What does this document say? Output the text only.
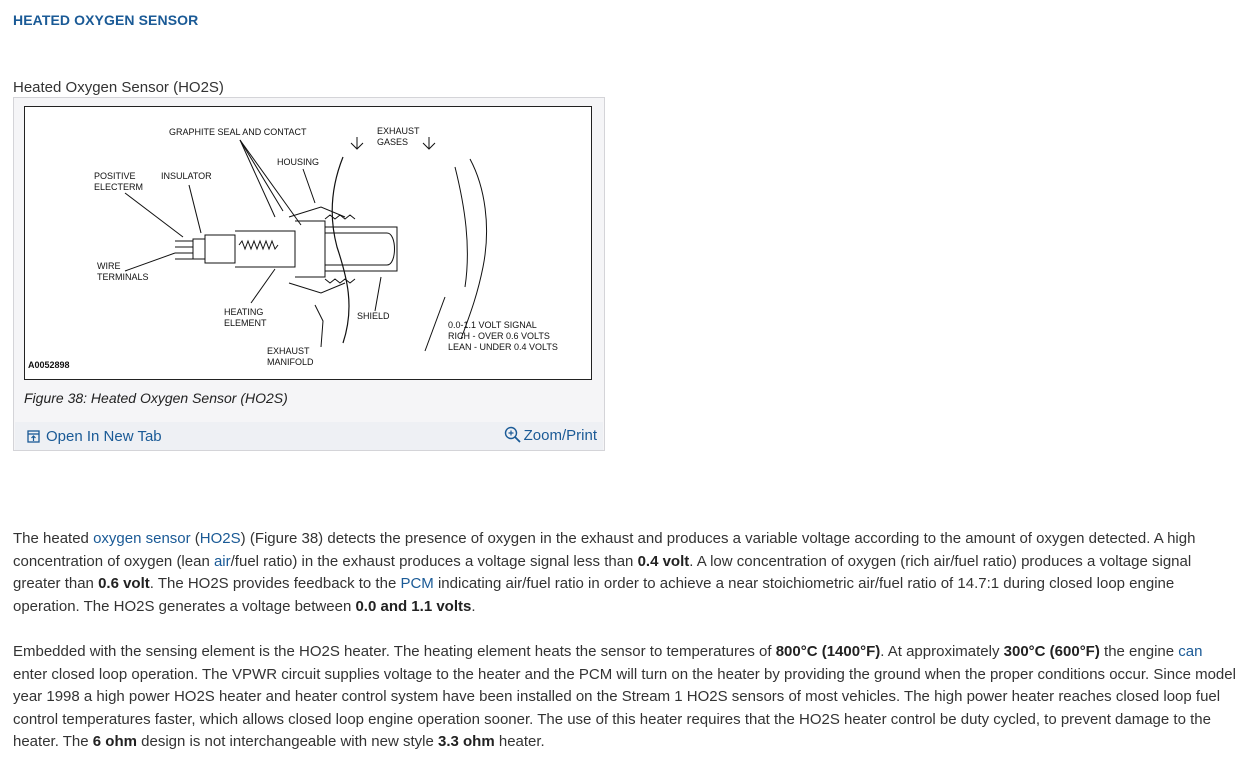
HEATED OXYGEN SENSOR
Heated Oxygen Sensor (HO2S)
GRAPHITE SEAL AND CONTACT	EXHAUST
GASES
HOUSING
POSITIVE
ELECTERM
INSULATOR
WIRE
TERMINALS
HEATING
ELEMENT
SHIELD
EXHAUST
MANIFOLD
0.0-1.1 VOLT SIGNAL
RICH - OVER 0.6 VOLTS
LEAN - UNDER 0.4 VOLTS
A0052898
Figure 38: Heated Oxygen Sensor (HO2S)
Open In New Tab	Zoom/Print
The heated oxygen sensor (HO2S) (Figure 38) detects the presence of oxygen in the exhaust and produces a variable voltage according to the amount of oxygen detected. A high concentration of oxygen (lean air/fuel ratio) in the exhaust produces a voltage signal less than 0.4 volt. A low concentration of oxygen (rich air/fuel ratio) produces a voltage signal greater than 0.6 volt. The HO2S provides feedback to the PCM indicating air/fuel ratio in order to achieve a near stoichiometric air/fuel ratio of 14.7:1 during closed loop engine operation. The HO2S generates a voltage between 0.0 and 1.1 volts.
Embedded with the sensing element is the HO2S heater. The heating element heats the sensor to temperatures of 800°C (1400°F). At approximately 300°C (600°F) the engine can enter closed loop operation. The VPWR circuit supplies voltage to the heater and the PCM will turn on the heater by providing the ground when the proper conditions occur. Since model year 1998 a high power HO2S heater and heater control system have been installed on the Stream 1 HO2S sensors of most vehicles. The high power heater reaches closed loop fuel control temperatures faster, which allows closed loop engine operation sooner. The use of this heater requires that the HO2S heater control be duty cycled, to prevent damage to the heater. The 6 ohm design is not interchangeable with new style 3.3 ohm heater.
